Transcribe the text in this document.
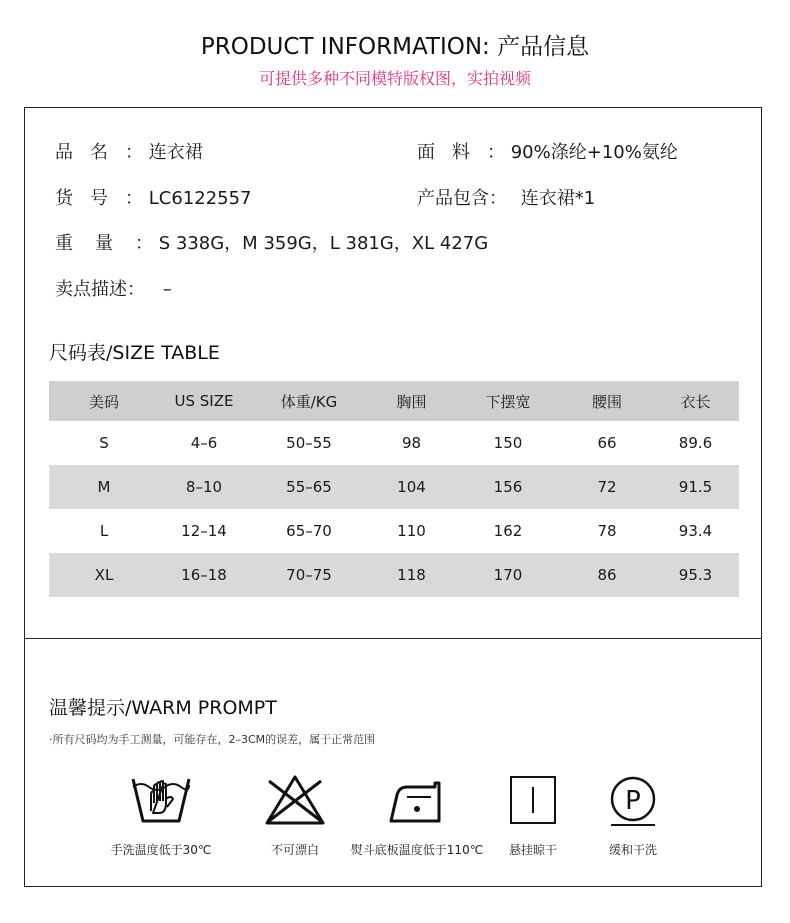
PRODUCT INFORMATION: 产品信息
可提供多种不同模特版权图，实拍视频
品名： 连衣裙	面料： 90%涤纶+10%氨纶
货号： LC6122557	产品包含： 连衣裙*1
重量： S 338G，M 359G，L 381G，XL 427G
卖点描述： –
尺码表/SIZE TABLE
美码	US SIZE	体重/KG	胸围	下摆宽	腰围	衣长
S	4–6	50–55	98	150	66	89.6
M	8–10	55–65	104	156	72	91.5
L	12–14	65–70	110	162	78	93.4
XL	16–18	70–75	118	170	86	95.3
温馨提示/WARM PROMPT
·所有尺码均为手工测量，可能存在，2–3CM的误差，属于正常范围
手洗温度低于30℃	不可漂白	熨斗底板温度低于110℃	悬挂晾干
P
缓和干洗
